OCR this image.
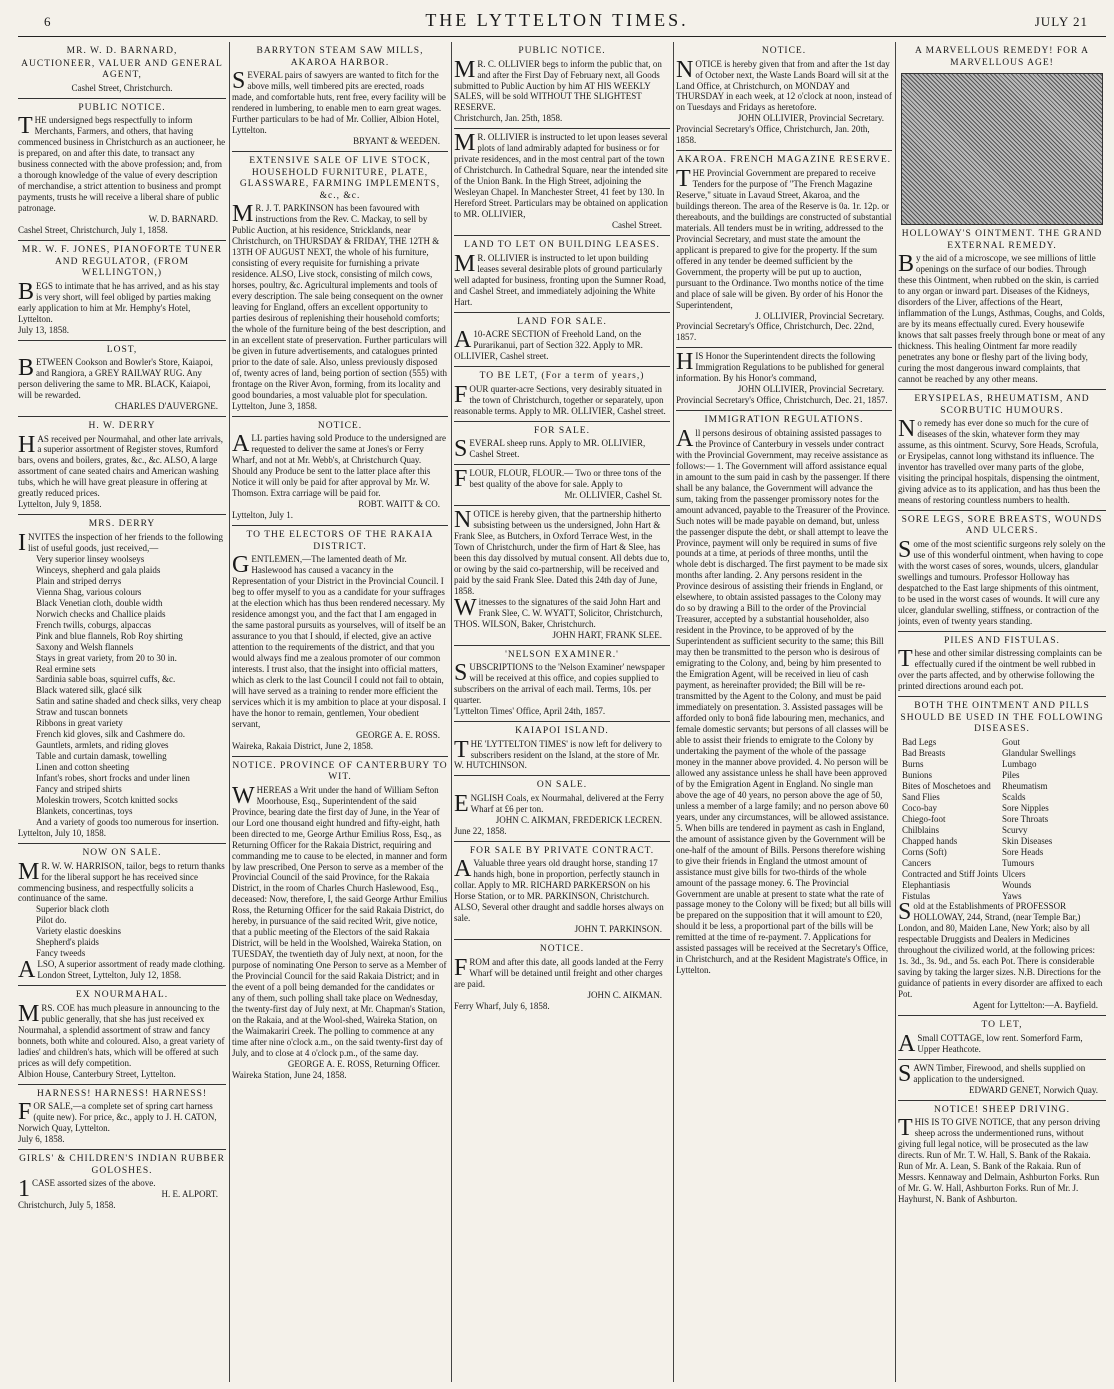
6	THE LYTTELTON TIMES.	JULY 21
MR. W. D. BARNARD,
AUCTIONEER, VALUER AND GENERAL AGENT,
Cashel Street, Christchurch.
PUBLIC NOTICE.
THE undersigned begs respectfully to inform Merchants, Farmers, and others, that having commenced business in Christchurch as an auctioneer, he is prepared, on and after this date, to transact any business connected with the above profession; and, from a thorough knowledge of the value of every description of merchandise, a strict attention to business and prompt payments, trusts he will receive a liberal share of public patronage.
W. D. BARNARD.
Cashel Street, Christchurch, July 1, 1858.
MR. W. F. JONES, PIANOFORTE TUNER AND REGULATOR, (FROM WELLINGTON,)
BEGS to intimate that he has arrived, and as his stay is very short, will feel obliged by parties making early application to him at Mr. Hemphy's Hotel, Lyttelton.
July 13, 1858.
LOST,
BETWEEN Cookson and Bowler's Store, Kaiapoi, and Rangiora, a GREY RAILWAY RUG. Any person delivering the same to MR. BLACK, Kaiapoi, will be rewarded.
CHARLES D'AUVERGNE.
H. W. DERRY
HAS received per Nourmahal, and other late arrivals, a superior assortment of Register stoves, Rumford bars, ovens and boilers, grates, &c., &c. ALSO, A large assortment of cane seated chairs and American washing tubs, which he will have great pleasure in offering at greatly reduced prices.
Lyttelton, July 9, 1858.
MRS. DERRY
INVITES the inspection of her friends to the following list of useful goods, just received,—
Very superior linsey woolseys
Winceys, shepherd and gala plaids
Plain and striped derrys
Vienna Shag, various colours
Black Venetian cloth, double width
Norwich checks and Challice plaids
French twills, coburgs, alpaccas
Pink and blue flannels, Rob Roy shirting
Saxony and Welsh flannels
Stays in great variety, from 20 to 30 in.
Real ermine sets
Sardinia sable boas, squirrel cuffs, &c.
Black watered silk, glacé silk
Satin and satine shaded and check silks, very cheap
Straw and tuscan bonnets
Ribbons in great variety
French kid gloves, silk and Cashmere do.
Gauntlets, armlets, and riding gloves
Table and curtain damask, towelling
Linen and cotton sheeting
Infant's robes, short frocks and under linen
Fancy and striped shirts
Moleskin trowers, Scotch knitted socks
Blankets, concertinas, toys
And a variety of goods too numerous for insertion.
Lyttelton, July 10, 1858.
NOW ON SALE.
MR. W. W. HARRISON, tailor, begs to return thanks for the liberal support he has received since commencing business, and respectfully solicits a continuance of the same.
Superior black cloth
Pilot do.
Variety elastic doeskins
Shepherd's plaids
Fancy tweeds
ALSO, A superior assortment of ready made clothing.
London Street, Lyttelton, July 12, 1858.
EX NOURMAHAL.
MRS. COE has much pleasure in announcing to the public generally, that she has just received ex Nourmahal, a splendid assortment of straw and fancy bonnets, both white and coloured. Also, a great variety of ladies' and children's hats, which will be offered at such prices as will defy competition.
Albion House, Canterbury Street, Lyttelton.
HARNESS! HARNESS! HARNESS!
FOR SALE,—a complete set of spring cart harness (quite new). For price, &c., apply to J. H. CATON, Norwich Quay, Lyttelton.
July 6, 1858.
GIRLS' & CHILDREN'S INDIAN RUBBER GOLOSHES.
1CASE assorted sizes of the above.
H. E. ALPORT.
Christchurch, July 5, 1858.
BARRYTON STEAM SAW MILLS, AKAROA HARBOR.
SEVERAL pairs of sawyers are wanted to fitch for the above mills, well timbered pits are erected, roads made, and comfortable huts, rent free, every facility will be rendered in lumbering, to enable men to earn great wages. Further particulars to be had of Mr. Collier, Albion Hotel, Lyttelton.
BRYANT & WEEDEN.
EXTENSIVE SALE OF LIVE STOCK, HOUSEHOLD FURNITURE, PLATE, GLASSWARE, FARMING IMPLEMENTS, &c., &c.
MR. J. T. PARKINSON has been favoured with instructions from the Rev. C. Mackay, to sell by Public Auction, at his residence, Stricklands, near Christchurch, on THURSDAY & FRIDAY, THE 12TH & 13TH OF AUGUST NEXT, the whole of his furniture, consisting of every requisite for furnishing a private residence. ALSO, Live stock, consisting of milch cows, horses, poultry, &c. Agricultural implements and tools of every description. The sale being consequent on the owner leaving for England, offers an excellent opportunity to parties desirous of replenishing their household comforts; the whole of the furniture being of the best description, and in an excellent state of preservation. Further particulars will be given in future advertisements, and catalogues printed prior to the date of sale. Also, unless previously disposed of, twenty acres of land, being portion of section (555) with frontage on the River Avon, forming, from its locality and good boundaries, a most valuable plot for speculation.
Lyttelton, June 3, 1858.
NOTICE.
ALL parties having sold Produce to the undersigned are requested to deliver the same at Jones's or Ferry Wharf, and not at Mr. Webb's, at Christchurch Quay. Should any Produce be sent to the latter place after this Notice it will only be paid for after approval by Mr. W. Thomson. Extra carriage will be paid for.
ROBT. WAITT & CO.
Lyttelton, July 1.
TO THE ELECTORS OF THE RAKAIA DISTRICT.
GENTLEMEN,—The lamented death of Mr. Haslewood has caused a vacancy in the Representation of your District in the Provincial Council. I beg to offer myself to you as a candidate for your suffrages at the election which has thus been rendered necessary. My residence amongst you, and the fact that I am engaged in the same pastoral pursuits as yourselves, will of itself be an assurance to you that I should, if elected, give an active attention to the requirements of the district, and that you would always find me a zealous promoter of our common interests. I trust also, that the insight into official matters, which as clerk to the last Council I could not fail to obtain, will have served as a training to render more efficient the services which it is my ambition to place at your disposal. I have the honor to remain, gentlemen, Your obedient servant,
GEORGE A. E. ROSS.
Waireka, Rakaia District, June 2, 1858.
NOTICE. PROVINCE OF CANTERBURY TO WIT.
WHEREAS a Writ under the hand of William Sefton Moorhouse, Esq., Superintendent of the said Province, bearing date the first day of June, in the Year of our Lord one thousand eight hundred and fifty-eight, hath been directed to me, George Arthur Emilius Ross, Esq., as Returning Officer for the Rakaia District, requiring and commanding me to cause to be elected, in manner and form by law prescribed, One Person to serve as a member of the Provincial Council of the said Province, for the Rakaia District, in the room of Charles Church Haslewood, Esq., deceased: Now, therefore, I, the said George Arthur Emilius Ross, the Returning Officer for the said Rakaia District, do hereby, in pursuance of the said recited Writ, give notice, that a public meeting of the Electors of the said Rakaia District, will be held in the Woolshed, Waireka Station, on TUESDAY, the twentieth day of July next, at noon, for the purpose of nominating One Person to serve as a Member of the Provincial Council for the said Rakaia District; and in the event of a poll being demanded for the candidates or any of them, such polling shall take place on Wednesday, the twenty-first day of July next, at Mr. Chapman's Station, on the Rakaia, and at the Wool-shed, Waireka Station, on the Waimakariri Creek. The polling to commence at any time after nine o'clock a.m., on the said twenty-first day of July, and to close at 4 o'clock p.m., of the same day.
GEORGE A. E. ROSS, Returning Officer.
Waireka Station, June 24, 1858.
PUBLIC NOTICE.
MR. C. OLLIVIER begs to inform the public that, on and after the First Day of February next, all Goods submitted to Public Auction by him AT HIS WEEKLY SALES, will be sold WITHOUT THE SLIGHTEST RESERVE.
Christchurch, Jan. 25th, 1858.
MR. OLLIVIER is instructed to let upon leases several plots of land admirably adapted for business or for private residences, and in the most central part of the town of Christchurch. In Cathedral Square, near the intended site of the Union Bank. In the High Street, adjoining the Wesleyan Chapel. In Manchester Street, 41 feet by 130. In Hereford Street. Particulars may be obtained on application to MR. OLLIVIER,
Cashel Street.
LAND TO LET ON BUILDING LEASES.
MR. OLLIVIER is instructed to let upon building leases several desirable plots of ground particularly well adapted for business, fronting upon the Sumner Road, and Cashel Street, and immediately adjoining the White Hart.
LAND FOR SALE.
A10-ACRE SECTION of Freehold Land, on the Purarikanui, part of Section 322. Apply to MR. OLLIVIER, Cashel street.
TO BE LET, (For a term of years,)
FOUR quarter-acre Sections, very desirably situated in the town of Christchurch, together or separately, upon reasonable terms. Apply to MR. OLLIVIER, Cashel street.
FOR SALE.
SEVERAL sheep runs. Apply to MR. OLLIVIER, Cashel Street.
FLOUR, FLOUR, FLOUR.— Two or three tons of the best quality of the above for sale. Apply to
Mr. OLLIVIER, Cashel St.
NOTICE is hereby given, that the partnership hitherto subsisting between us the undersigned, John Hart & Frank Slee, as Butchers, in Oxford Terrace West, in the Town of Christchurch, under the firm of Hart & Slee, has been this day dissolved by mutual consent. All debts due to, or owing by the said co-partnership, will be received and paid by the said Frank Slee. Dated this 24th day of June, 1858.
Witnesses to the signatures of the said John Hart and Frank Slee, C. W. WYATT, Solicitor, Christchurch, THOS. WILSON, Baker, Christchurch.
JOHN HART, FRANK SLEE.
'NELSON EXAMINER.'
SUBSCRIPTIONS to the 'Nelson Examiner' newspaper will be received at this office, and copies supplied to subscribers on the arrival of each mail. Terms, 10s. per quarter.
'Lyttelton Times' Office, April 24th, 1857.
KAIAPOI ISLAND.
THE 'LYTTELTON TIMES' is now left for delivery to subscribers resident on the Island, at the store of Mr. W. HUTCHINSON.
ON SALE.
ENGLISH Coals, ex Nourmahal, delivered at the Ferry Wharf at £6 per ton.
JOHN C. AIKMAN, FREDERICK LECREN.
June 22, 1858.
FOR SALE BY PRIVATE CONTRACT.
AValuable three years old draught horse, standing 17 hands high, bone in proportion, perfectly staunch in collar. Apply to MR. RICHARD PARKERSON on his Horse Station, or to MR. PARKINSON, Christchurch. ALSO, Several other draught and saddle horses always on sale.
JOHN T. PARKINSON.
NOTICE.
FROM and after this date, all goods landed at the Ferry Wharf will be detained until freight and other charges are paid.
JOHN C. AIKMAN.
Ferry Wharf, July 6, 1858.
NOTICE.
NOTICE is hereby given that from and after the 1st day of October next, the Waste Lands Board will sit at the Land Office, at Christchurch, on MONDAY and THURSDAY in each week, at 12 o'clock at noon, instead of on Tuesdays and Fridays as heretofore.
JOHN OLLIVIER, Provincial Secretary.
Provincial Secretary's Office, Christchurch, Jan. 20th, 1858.
AKAROA. FRENCH MAGAZINE RESERVE.
THE Provincial Government are prepared to receive Tenders for the purpose of "The French Magazine Reserve," situate in Lavaud Street, Akaroa, and the buildings thereon. The area of the Reserve is 0a. 1r. 12p. or thereabouts, and the buildings are constructed of substantial materials. All tenders must be in writing, addressed to the Provincial Secretary, and must state the amount the applicant is prepared to give for the property. If the sum offered in any tender be deemed sufficient by the Government, the property will be put up to auction, pursuant to the Ordinance. Two months notice of the time and place of sale will be given. By order of his Honor the Superintendent,
J. OLLIVIER, Provincial Secretary.
Provincial Secretary's Office, Christchurch, Dec. 22nd, 1857.
HIS Honor the Superintendent directs the following Immigration Regulations to be published for general information. By his Honor's command,
JOHN OLLIVIER, Provincial Secretary.
Provincial Secretary's Office, Christchurch, Dec. 21, 1857.
IMMIGRATION REGULATIONS.
All persons desirous of obtaining assisted passages to the Province of Canterbury in vessels under contract with the Provincial Government, may receive assistance as follows:— 1. The Government will afford assistance equal in amount to the sum paid in cash by the passenger. If there shall be any balance, the Government will advance the sum, taking from the passenger promissory notes for the amount advanced, payable to the Treasurer of the Province. Such notes will be made payable on demand, but, unless the passenger dispute the debt, or shall attempt to leave the Province, payment will only be required in sums of five pounds at a time, at periods of three months, until the whole debt is discharged. The first payment to be made six months after landing. 2. Any persons resident in the Province desirous of assisting their friends in England, or elsewhere, to obtain assisted passages to the Colony may do so by drawing a Bill to the order of the Provincial Treasurer, accepted by a substantial householder, also resident in the Province, to be approved of by the Superintendent as sufficient security to the same; this Bill may then be transmitted to the person who is desirous of emigrating to the Colony, and, being by him presented to the Emigration Agent, will be received in lieu of cash payment, as hereinafter provided; the Bill will be re-transmitted by the Agent to the Colony, and must be paid immediately on presentation. 3. Assisted passages will be afforded only to bonâ fide labouring men, mechanics, and female domestic servants; but persons of all classes will be able to assist their friends to emigrate to the Colony by undertaking the payment of the whole of the passage money in the manner above provided. 4. No person will be allowed any assistance unless he shall have been approved of by the Emigration Agent in England. No single man above the age of 40 years, no person above the age of 50, unless a member of a large family; and no person above 60 years, under any circumstances, will be allowed assistance. 5. When bills are tendered in payment as cash in England, the amount of assistance given by the Government will be one-half of the amount of Bills. Persons therefore wishing to give their friends in England the utmost amount of assistance must give bills for two-thirds of the whole amount of the passage money. 6. The Provincial Government are unable at present to state what the rate of passage money to the Colony will be fixed; but all bills will be prepared on the supposition that it will amount to £20, should it be less, a proportional part of the bills will be remitted at the time of re-payment. 7. Applications for assisted passages will be received at the Secretary's Office, in Christchurch, and at the Resident Magistrate's Office, in Lyttelton.
A MARVELLOUS REMEDY! FOR A MARVELLOUS AGE!
HOLLOWAY'S OINTMENT. THE GRAND EXTERNAL REMEDY.
By the aid of a microscope, we see millions of little openings on the surface of our bodies. Through these this Ointment, when rubbed on the skin, is carried to any organ or inward part. Diseases of the Kidneys, disorders of the Liver, affections of the Heart, inflammation of the Lungs, Asthmas, Coughs, and Colds, are by its means effectually cured. Every housewife knows that salt passes freely through bone or meat of any thickness. This healing Ointment far more readily penetrates any bone or fleshy part of the living body, curing the most dangerous inward complaints, that cannot be reached by any other means.
ERYSIPELAS, RHEUMATISM, AND SCORBUTIC HUMOURS.
No remedy has ever done so much for the cure of diseases of the skin, whatever form they may assume, as this ointment. Scurvy, Sore Heads, Scrofula, or Erysipelas, cannot long withstand its influence. The inventor has travelled over many parts of the globe, visiting the principal hospitals, dispensing the ointment, giving advice as to its application, and has thus been the means of restoring countless numbers to health.
SORE LEGS, SORE BREASTS, WOUNDS AND ULCERS.
Some of the most scientific surgeons rely solely on the use of this wonderful ointment, when having to cope with the worst cases of sores, wounds, ulcers, glandular swellings and tumours. Professor Holloway has despatched to the East large shipments of this ointment, to be used in the worst cases of wounds. It will cure any ulcer, glandular swelling, stiffness, or contraction of the joints, even of twenty years standing.
PILES AND FISTULAS.
These and other similar distressing complaints can be effectually cured if the ointment be well rubbed in over the parts affected, and by otherwise following the printed directions around each pot.
BOTH THE OINTMENT AND PILLS SHOULD BE USED IN THE FOLLOWING DISEASES.
Bad Legs
Bad Breasts
Burns
Bunions
Bites of Moschetoes and Sand Flies
Coco-bay
Chiego-foot
Chilblains
Chapped hands
Corns (Soft)
Cancers
Contracted and Stiff Joints
Elephantiasis
Fistulas
Gout
Glandular Swellings
Lumbago
Piles
Rheumatism
Scalds
Sore Nipples
Sore Throats
Scurvy
Skin Diseases
Sore Heads
Tumours
Ulcers
Wounds
Yaws
Sold at the Establishments of PROFESSOR HOLLOWAY, 244, Strand, (near Temple Bar,) London, and 80, Maiden Lane, New York; also by all respectable Druggists and Dealers in Medicines throughout the civilized world, at the following prices: 1s. 3d., 3s. 9d., and 5s. each Pot. There is considerable saving by taking the larger sizes. N.B. Directions for the guidance of patients in every disorder are affixed to each Pot.
Agent for Lyttelton:—A. Bayfield.
TO LET,
ASmall COTTAGE, low rent. Somerford Farm, Upper Heathcote.
SAWN Timber, Firewood, and shells supplied on application to the undersigned.
EDWARD GENET, Norwich Quay.
NOTICE! SHEEP DRIVING.
THIS IS TO GIVE NOTICE, that any person driving sheep across the undermentioned runs, without giving full legal notice, will be prosecuted as the law directs. Run of Mr. T. W. Hall, S. Bank of the Rakaia. Run of Mr. A. Lean, S. Bank of the Rakaia. Run of Messrs. Kennaway and Delmain, Ashburton Forks. Run of Mr. G. W. Hall, Ashburton Forks. Run of Mr. J. Hayhurst, N. Bank of Ashburton.
